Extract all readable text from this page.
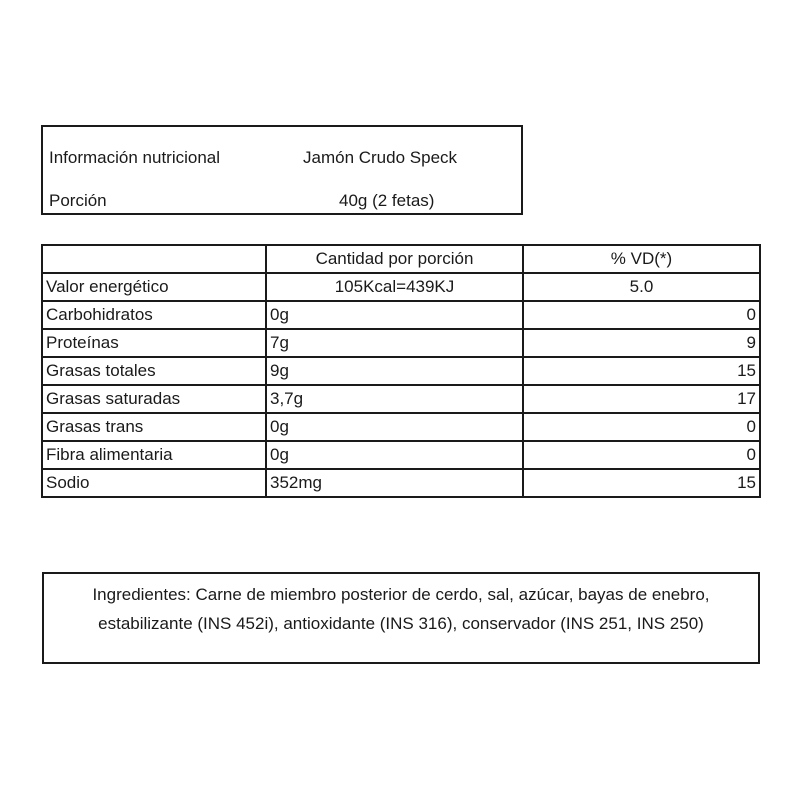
Información nutricional	Jamón Crudo Speck
Porción	40g (2 fetas)
	Cantidad por porción	% VD(*)
Valor energético	105Kcal=439KJ	5.0
Carbohidratos	0g	0
Proteínas	7g	9
Grasas totales	9g	15
Grasas saturadas	3,7g	17
Grasas trans	0g	0
Fibra alimentaria	0g	0
Sodio	352mg	15
Ingredientes: Carne de miembro posterior de cerdo, sal, azúcar, bayas de enebro, estabilizante (INS 452i), antioxidante (INS 316), conservador (INS 251, INS 250)
